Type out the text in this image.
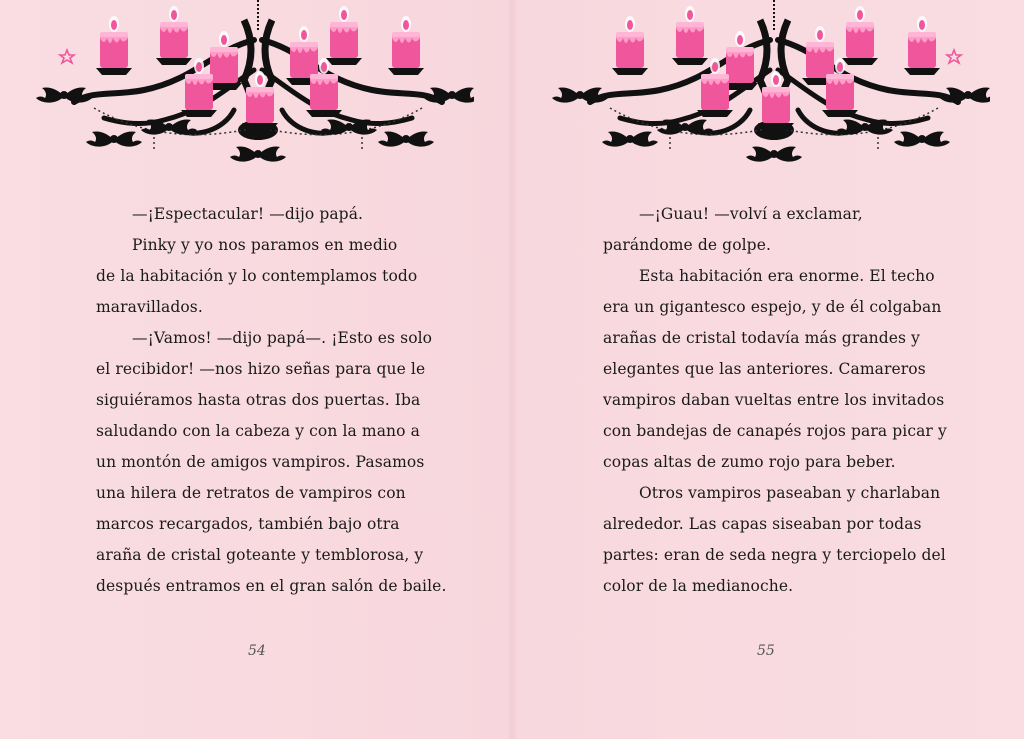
—¡Espectacular! —dijo papá.
Pinky y yo nos paramos en medio
de la habitación y lo contemplamos todo
maravillados.
—¡Vamos! —dijo papá—. ¡Esto es solo
el recibidor! —nos hizo señas para que le
siguiéramos hasta otras dos puertas. Iba
saludando con la cabeza y con la mano a
un montón de amigos vampiros. Pasamos
una hilera de retratos de vampiros con
marcos recargados, también bajo otra
araña de cristal goteante y temblorosa, y
después entramos en el gran salón de baile.
54
—¡Guau! —volví a exclamar,
parándome de golpe.
Esta habitación era enorme. El techo
era un gigantesco espejo, y de él colgaban
arañas de cristal todavía más grandes y
elegantes que las anteriores. Camareros
vampiros daban vueltas entre los invitados
con bandejas de canapés rojos para picar y
copas altas de zumo rojo para beber.
Otros vampiros paseaban y charlaban
alrededor. Las capas siseaban por todas
partes: eran de seda negra y terciopelo del
color de la medianoche.
55
